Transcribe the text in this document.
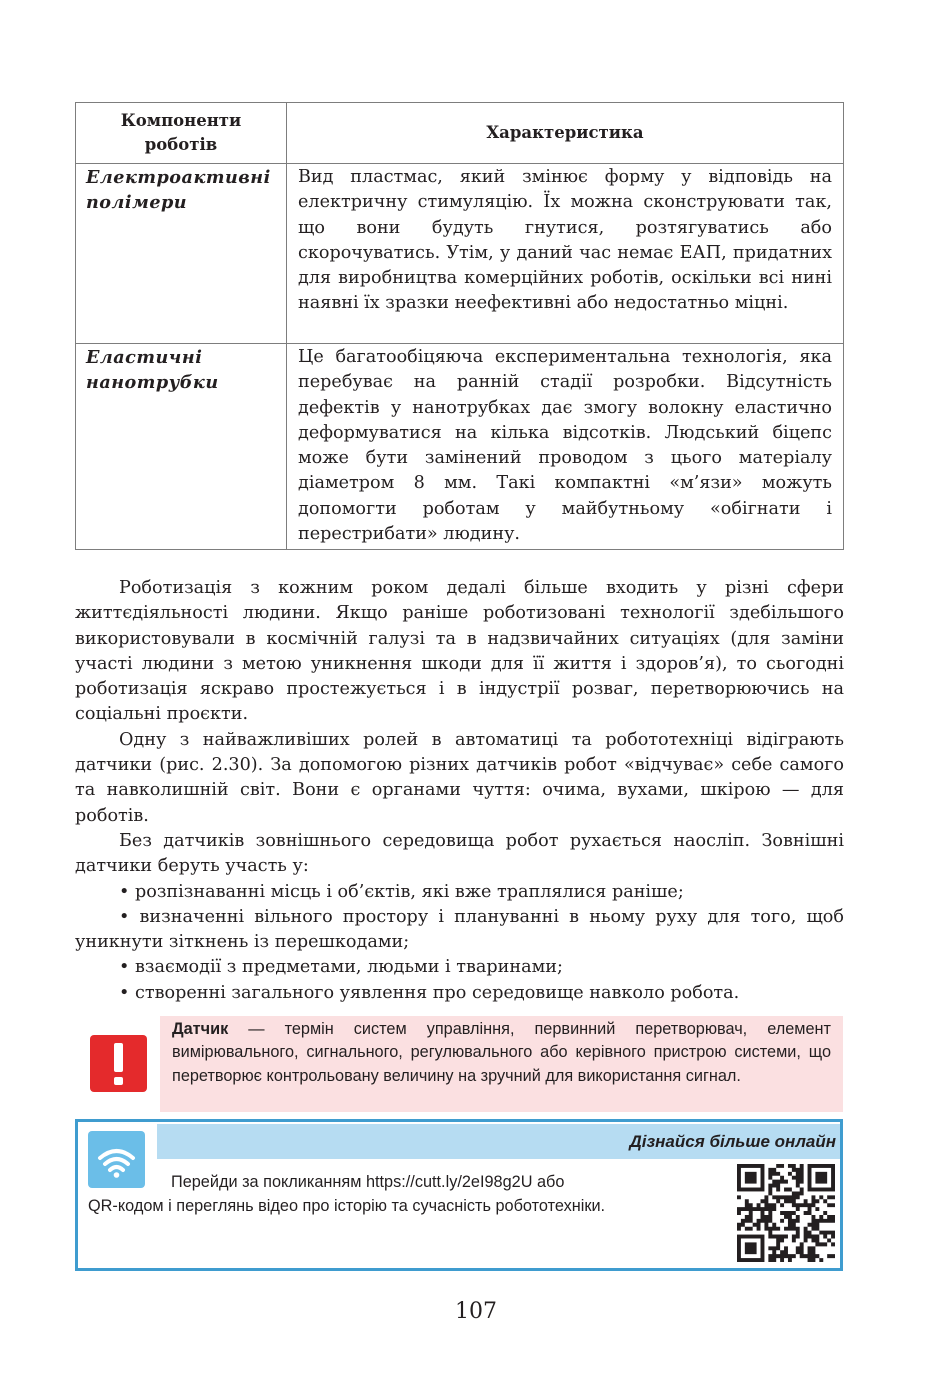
Компоненти роботів	Характеристика
Електроактивні полімери	Вид пластмас, який змінює форму у відповідь на електричну стимуляцію. Їх можна сконструювати так, що вони будуть гнутися, розтягуватись або скорочуватись. Утім, у даний час немає ЕАП, придатних для виробництва комерційних роботів, оскільки всі нині наявні їх зразки неефективні або недостатньо міцні.
Еластичні нанотрубки	Це багатообіцяюча експериментальна технологія, яка перебуває на ранній стадії розробки. Відсутність дефектів у нанотрубках дає змогу волокну еластично деформуватися на кілька відсотків. Людський біцепс може бути замінений проводом з цього матеріалу діаметром 8 мм. Такі компактні «м’язи» можуть допомогти роботам у майбутньому «обігнати і перестрибати» людину.

Роботизація з кожним роком дедалі більше входить у різні сфери життєдіяльності людини. Якщо раніше роботизовані технології здебільшого використовували в космічній галузі та в надзвичайних ситуаціях (для заміни участі людини з метою уникнення шкоди для її життя і здоров’я), то сьогодні роботизація яскраво простежується і в індустрії розваг, перетворюючись на соціальні проєкти.

Одну з найважливіших ролей в автоматиці та робототехніці відіграють датчики (рис. 2.30). За допомогою різних датчиків робот «відчуває» себе самого та навколишній світ. Вони є органами чуття: очима, вухами, шкірою — для роботів.

Без датчиків зовнішнього середовища робот рухається наосліп. Зовнішні датчики беруть участь у:

• розпізнаванні місць і об’єктів, які вже траплялися раніше;
• визначенні вільного простору і плануванні в ньому руху для того, щоб уникнути зіткнень із перешкодами;
• взаємодії з предметами, людьми і тваринами;
• створенні загального уявлення про середовище навколо робота.
Датчик — термін систем управління, первинний перетворювач, елемент вимірювального, сигнального, регулювального або керівного пристрою системи, що перетворює контрольовану величину на зручний для використання сигнал.
Дізнайся більше онлайн
Перейди за покликанням https://cutt.ly/2eI98g2U або
QR-кодом і переглянь відео про історію та сучасність робототехніки.
107
